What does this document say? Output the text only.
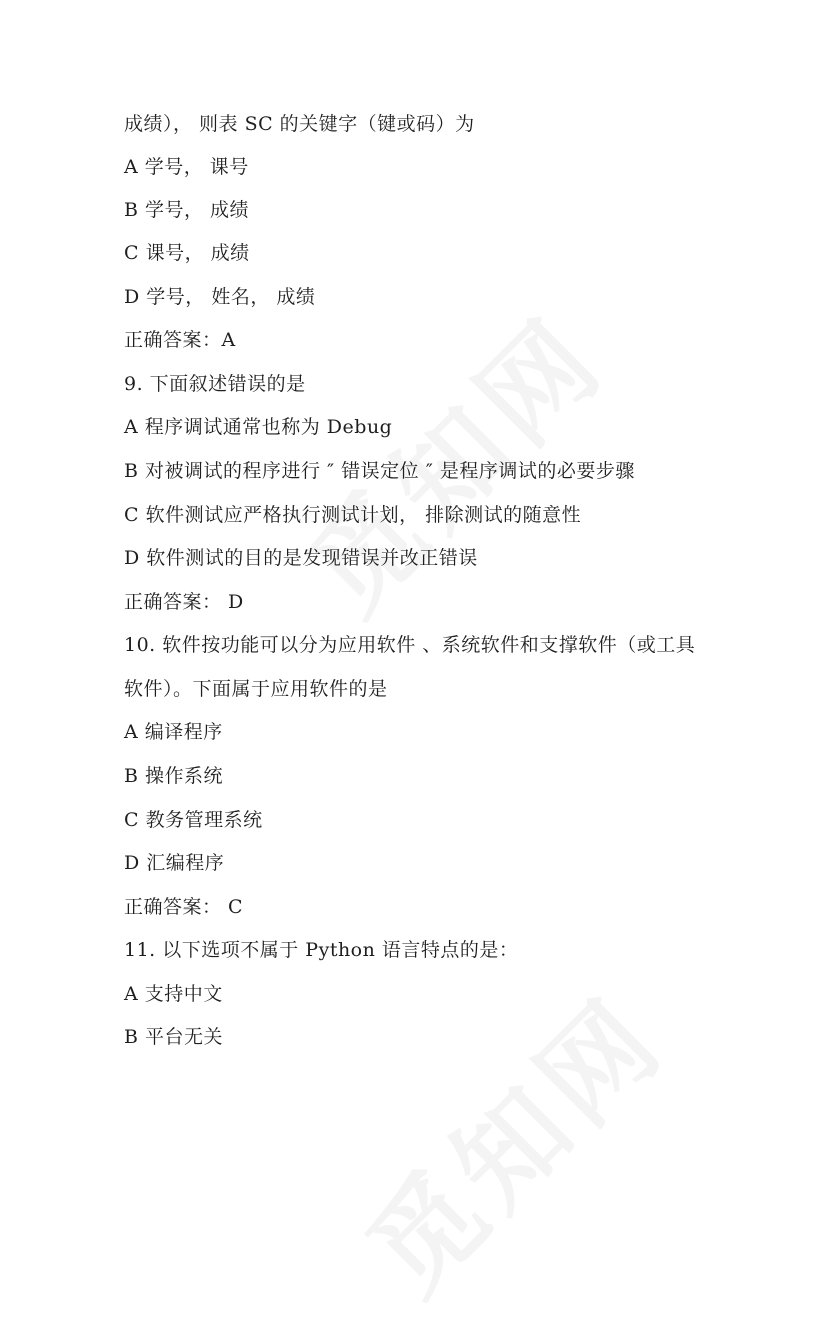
成绩）， 则表 SC 的关键字（键或码）为
A 学号， 课号
B 学号， 成绩
C 课号， 成绩
D 学号， 姓名， 成绩
正确答案：A
9. 下面叙述错误的是
A 程序调试通常也称为 Debug
B 对被调试的程序进行 ″ 错误定位 ″ 是程序调试的必要步骤
C 软件测试应严格执行测试计划， 排除测试的随意性
D 软件测试的目的是发现错误并改正错误
正确答案： D
10. 软件按功能可以分为应用软件 、系统软件和支撑软件（或工具
软件）。下面属于应用软件的是
A 编译程序
B 操作系统
C 教务管理系统
D 汇编程序
正确答案： C
11. 以下选项不属于 Python 语言特点的是：
A 支持中文
B 平台无关
